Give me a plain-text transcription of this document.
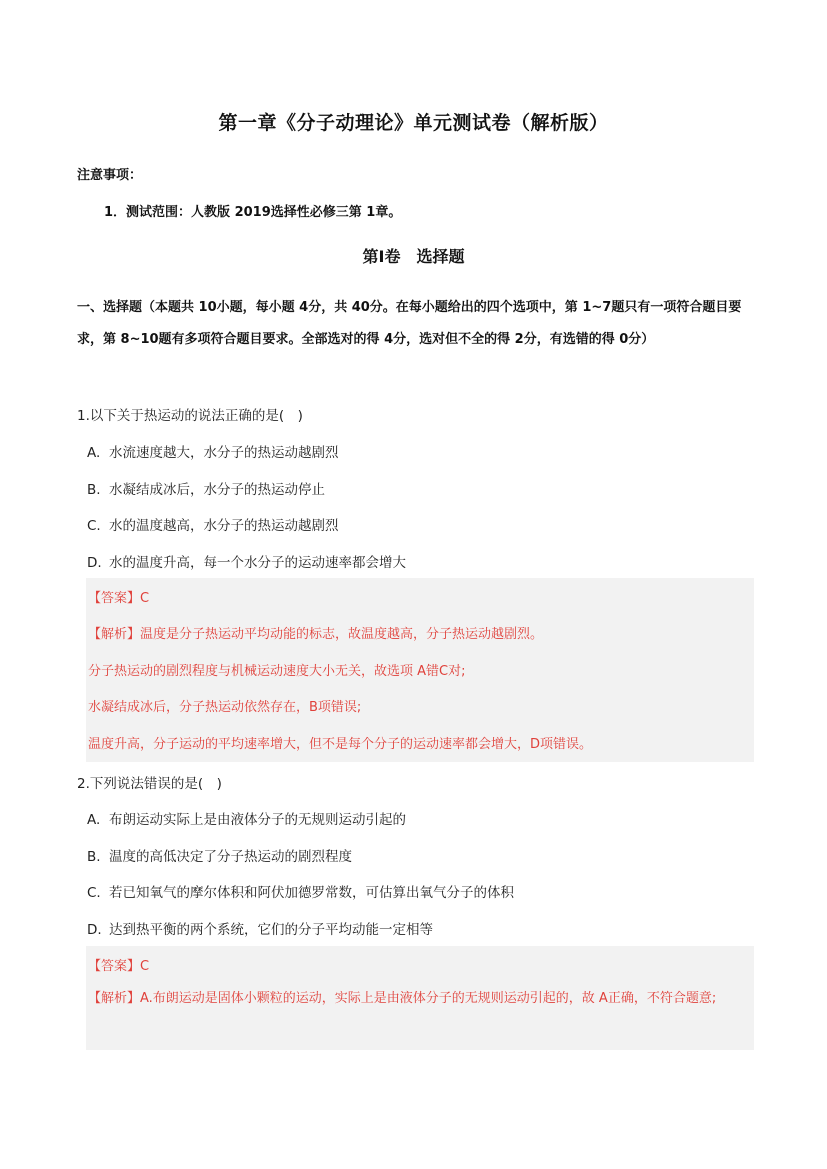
第一章《分子动理论》单元测试卷（解析版）
注意事项：
1．测试范围：人教版 2019选择性必修三第 1章。
第Ⅰ卷　选择题
一、选择题（本题共 10小题，每小题 4分，共 40分。在每小题给出的四个选项中，第 1~7题只有一项符合题目要求，第 8~10题有多项符合题目要求。全部选对的得 4分，选对但不全的得 2分，有选错的得 0分）
1.以下关于热运动的说法正确的是(　)
A. 水流速度越大，水分子的热运动越剧烈
B. 水凝结成冰后，水分子的热运动停止
C. 水的温度越高，水分子的热运动越剧烈
D. 水的温度升高，每一个水分子的运动速率都会增大
【答案】C
【解析】温度是分子热运动平均动能的标志，故温度越高，分子热运动越剧烈。
分子热运动的剧烈程度与机械运动速度大小无关，故选项 A错C对;
水凝结成冰后，分子热运动依然存在，B项错误;
温度升高，分子运动的平均速率增大，但不是每个分子的运动速率都会增大，D项错误。
2.下列说法错误的是(　)
A. 布朗运动实际上是由液体分子的无规则运动引起的
B. 温度的高低决定了分子热运动的剧烈程度
C. 若已知氧气的摩尔体积和阿伏加德罗常数，可估算出氧气分子的体积
D. 达到热平衡的两个系统，它们的分子平均动能一定相等
【答案】C
【解析】A.布朗运动是固体小颗粒的运动，实际上是由液体分子的无规则运动引起的，故 A正确，不符合题意;
